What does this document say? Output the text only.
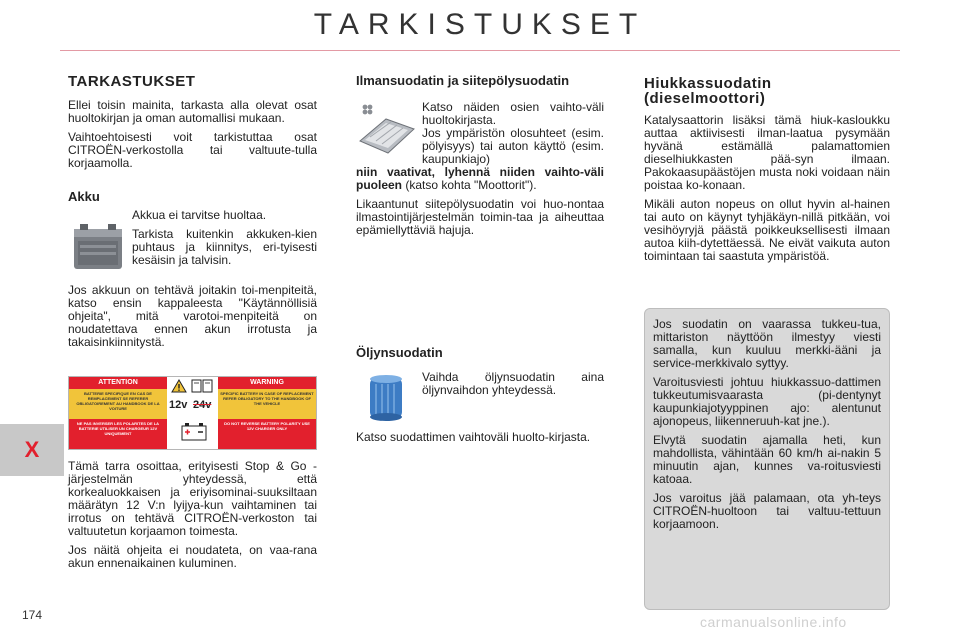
TARKISTUKSET
X
TARKASTUKSET

Ellei toisin mainita, tarkasta alla olevat osat huoltokirjan ja oman automallisi mukaan.

Vaihtoehtoisesti voit tarkistuttaa osat CITROËN-verkostolla tai valtuute-tulla korjaamolla.

Akku

Akkua ei tarvitse huoltaa.

Tarkista kuitenkin akkuken-kien puhtaus ja kiinnitys, eri-tyisesti kesäisin ja talvisin.

Jos akkuun on tehtävä joitakin toi-menpiteitä, katso ensin kappaleesta "Käytännöllisiä ohjeita", mitä varotoi-menpiteitä on noudatettava ennen akun irrotusta ja takaisinkiinnitystä.

ATTENTION	WARNING
BATTERIE SPECIFIQUE EN CAS DE REMPLACEMENT SE REFERER OBLIGATOIREMENT AU HANDBOOK DE LA VOITURE
SPECIFIC BATTERY IN CASE OF REPLACEMENT REFER OBLIGATORY TO THE HANDBOOK OF THE VEHICLE
NE PAS INVERSER LES POLARITES DE LA BATTERIE UTILISER UN CHARGEUR 12V UNIQUEMENT
DO NOT REVERSE BATTERY POLARITY USE 12V CHARGER ONLY
12v 24v

Tämä tarra osoittaa, erityisesti Stop & Go -järjestelmän yhteydessä, että korkealuokkaisen ja eriyisominai-suuksiltaan määrätyn 12 V:n lyijya-kun vaihtaminen tai irrotus on tehtävä CITROËN-verkoston tai valtuutetun korjaamon toimesta.

Jos näitä ohjeita ei noudateta, on vaa-rana akun ennenaikainen kuluminen.

Ilmansuodatin ja siitepölysuodatin

Katso näiden osien vaihto-väli huoltokirjasta.

Jos ympäristön olosuhteet (esim. pölyisyys) tai auton käyttö (esim. kaupunkiajo)

niin vaativat, lyhennä niiden vaihto-väli puoleen (katso kohta "Moottorit").

Likaantunut siitepölysuodatin voi huo-nontaa ilmastointijärjestelmän toimin-taa ja aiheuttaa epämiellyttäviä hajuja.

Öljynsuodatin

Vaihda öljynsuodatin aina öljynvaihdon yhteydessä.

Katso suodattimen vaihtoväli huolto-kirjasta.

Hiukkassuodatin
(dieselmoottori)

Katalysaattorin lisäksi tämä hiuk-kasloukku auttaa aktiivisesti ilman-laatua pysymään hyvänä estämällä palamattomien dieselhiukkasten pää-syn ilmaan. Pakokaasupäästöjen musta noki voidaan näin poistaa ko-konaan.

Mikäli auton nopeus on ollut hyvin al-hainen tai auto on käynyt tyhjäkäyn-nillä pitkään, voi vesihöyryjä päästä poikkeuksellisesti ilmaan autoa kiih-dytettäessä. Ne eivät vaikuta auton toimintaan tai saastuta ympäristöä.

Jos suodatin on vaarassa tukkeu-tua, mittariston näyttöön ilmestyy viesti samalla, kun kuuluu merkki-ääni ja service-merkkivalo syttyy.

Varoitusviesti johtuu hiukkassuo-dattimen tukkeutumisvaarasta (pi-dentynyt kaupunkiajotyyppinen ajo: alentunut ajonopeus, liikenneruuh-kat jne.).

Elvytä suodatin ajamalla heti, kun mahdollista, vähintään 60 km/h ai-nakin 5 minuutin ajan, kunnes va-roitusviesti katoaa.

Jos varoitus jää palamaan, ota yh-teys CITROËN-huoltoon tai valtuu-tettuun korjaamoon.

174	carmanualsonline.info
